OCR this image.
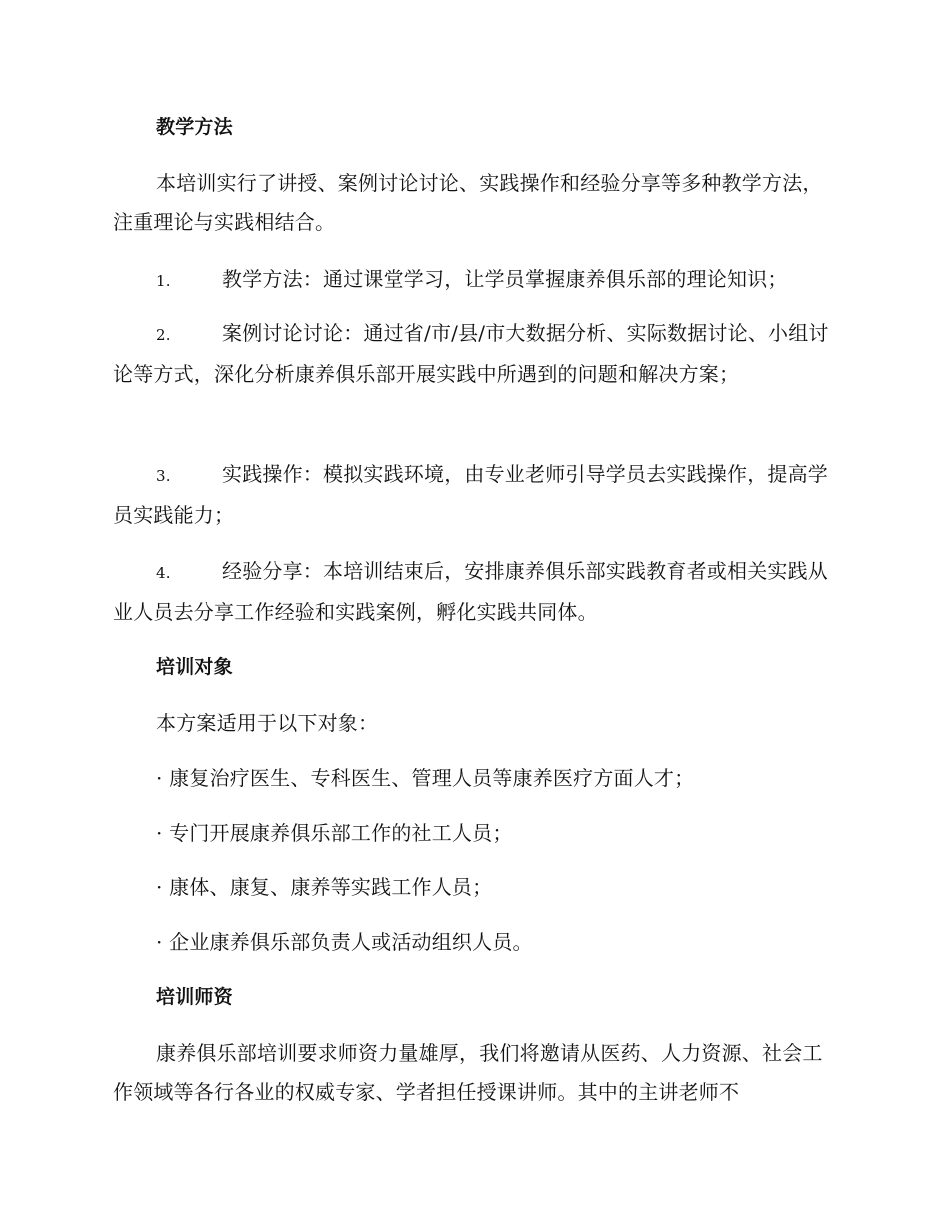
教学方法
本培训实行了讲授、案例讨论讨论、实践操作和经验分享等多种教学方法，注重理论与实践相结合。
1.	教学方法：通过课堂学习，让学员掌握康养俱乐部的理论知识；
2.	案例讨论讨论：通过省/市/县/市大数据分析、实际数据讨论、小组讨论等方式，深化分析康养俱乐部开展实践中所遇到的问题和解决方案；
3.	实践操作：模拟实践环境，由专业老师引导学员去实践操作，提高学员实践能力；
4.	经验分享：本培训结束后，安排康养俱乐部实践教育者或相关实践从业人员去分享工作经验和实践案例，孵化实践共同体。
培训对象
本方案适用于以下对象：
· 康复治疗医生、专科医生、管理人员等康养医疗方面人才；
· 专门开展康养俱乐部工作的社工人员；
· 康体、康复、康养等实践工作人员；
· 企业康养俱乐部负责人或活动组织人员。
培训师资
康养俱乐部培训要求师资力量雄厚，我们将邀请从医药、人力资源、社会工作领域等各行各业的权威专家、学者担任授课讲师。其中的主讲老师不
